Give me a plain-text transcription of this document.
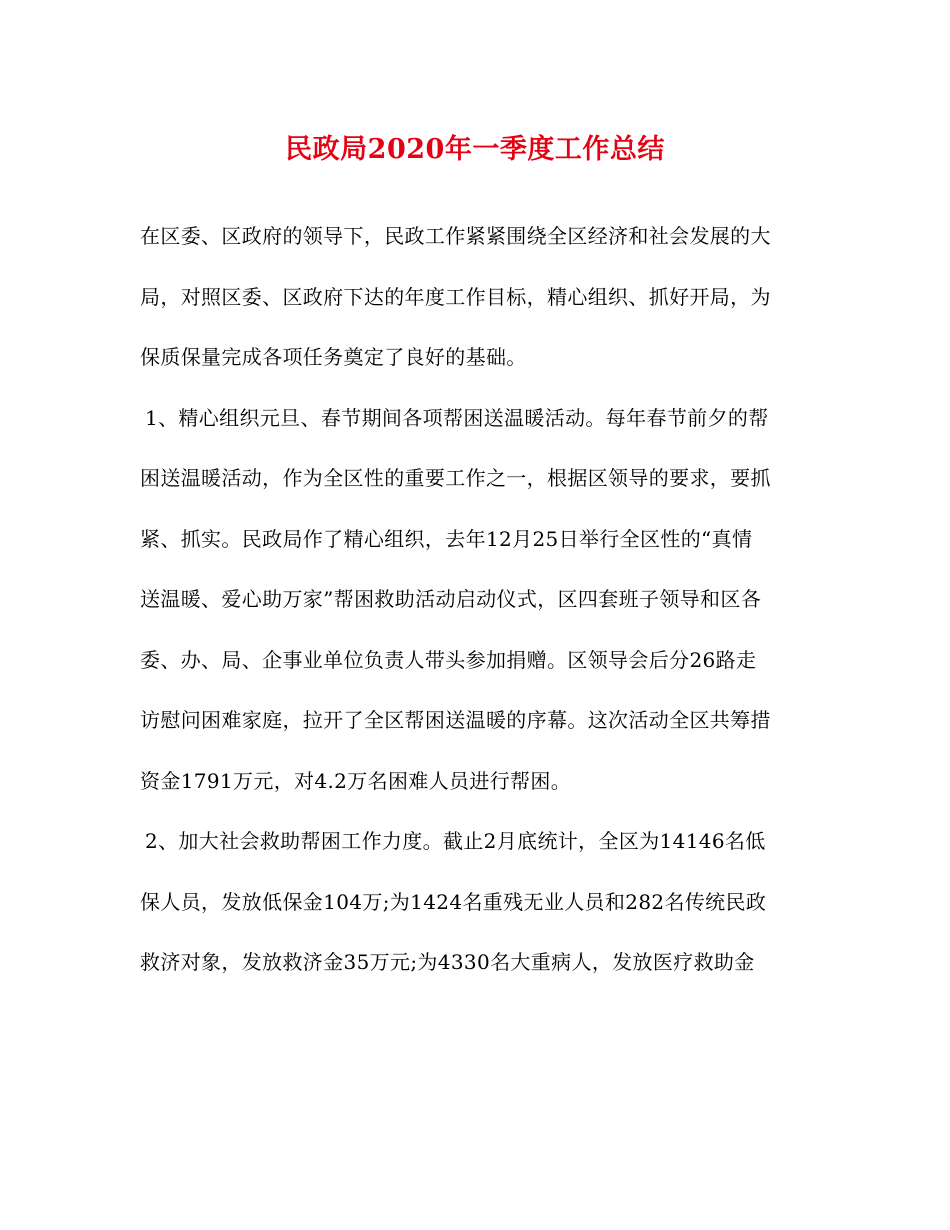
民政局2020年一季度工作总结
在区委、区政府的领导下，民政工作紧紧围绕全区经济和社会发展的大
局，对照区委、区政府下达的年度工作目标，精心组织、抓好开局，为
保质保量完成各项任务奠定了良好的基础。
1、精心组织元旦、春节期间各项帮困送温暖活动。每年春节前夕的帮
困送温暖活动，作为全区性的重要工作之一，根据区领导的要求，要抓
紧、抓实。民政局作了精心组织，去年12月25日举行全区性的“真情
送温暖、爱心助万家”帮困救助活动启动仪式，区四套班子领导和区各
委、办、局、企事业单位负责人带头参加捐赠。区领导会后分26路走
访慰问困难家庭，拉开了全区帮困送温暖的序幕。这次活动全区共筹措
资金1791万元，对4.2万名困难人员进行帮困。
2、加大社会救助帮困工作力度。截止2月底统计，全区为14146名低
保人员，发放低保金104万;为1424名重残无业人员和282名传统民政
救济对象，发放救济金35万元;为4330名大重病人，发放医疗救助金
